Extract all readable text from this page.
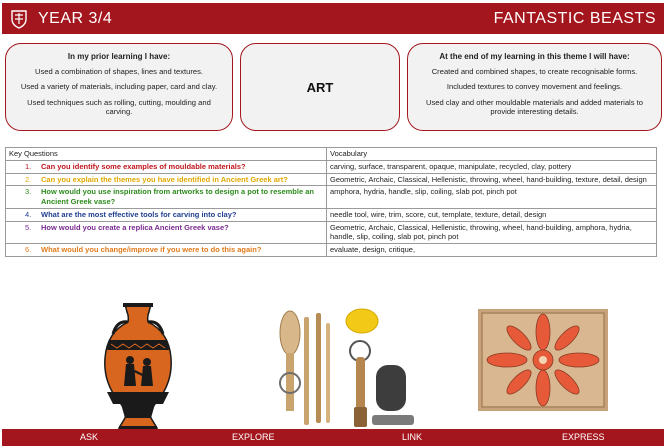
YEAR 3/4	FANTASTIC BEASTS
In my prior learning I have:

Used a combination of shapes, lines and textures.

Used a variety of materials, including paper, card and clay.

Used techniques such as rolling, cutting, moulding and carving.

ART
At the end of my learning in this theme I will have:

Created and combined shapes, to create recognisable forms.

Included textures to convey movement and feelings.

Used clay and other mouldable materials and added materials to provide interesting details.

Key Questions	Vocabulary

1. Can you identify some examples of mouldable materials?	carving, surface, transparent, opaque, manipulate, recycled, clay, pottery

2. Can you explain the themes you have identified in Ancient Greek art?	Geometric, Archaic, Classical, Hellenistic, throwing, wheel, hand-building, texture, detail, design

3. How would you use inspiration from artworks to design a pot to resemble an Ancient Greek vase?	amphora, hydria, handle, slip, coiling, slab pot, pinch pot

4. What are the most effective tools for carving into clay?	needle tool, wire, trim, score, cut, template, texture, detail, design

5. How would you create a replica Ancient Greek vase?	Geometric, Archaic, Classical, Hellenistic, throwing, wheel, hand-building, amphora, hydria, handle, slip, coiling, slab pot, pinch pot

6. What would you change/improve if you were to do this again?	evaluate, design, critique,
ASK	EXPLORE	LINK	EXPRESS
